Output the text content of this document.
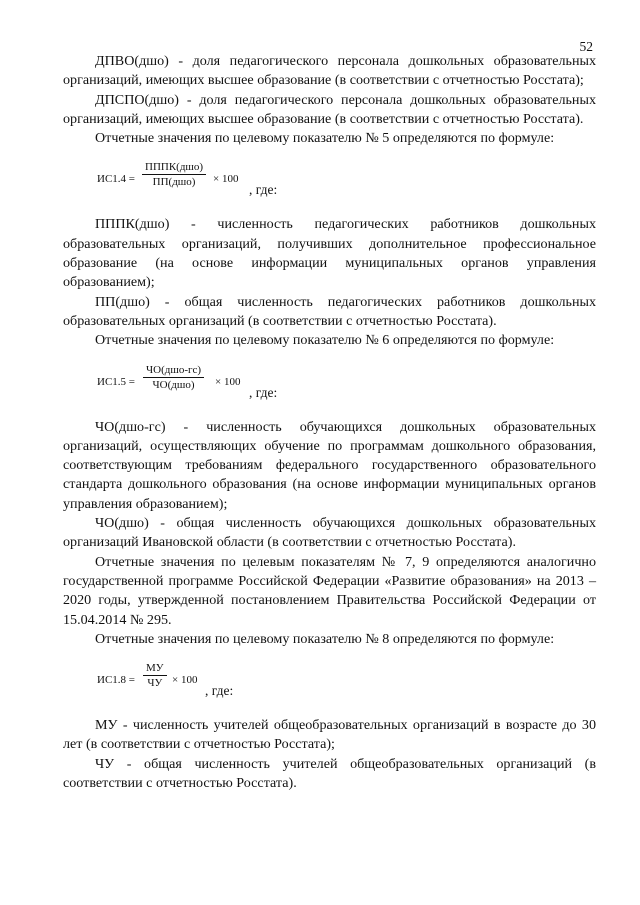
52

ДПВО(дшо) - доля педагогического персонала дошкольных образовательных организаций, имеющих высшее образование (в соответствии с отчетностью Росстата);

ДПСПО(дшо) - доля педагогического персонала дошкольных образовательных организаций, имеющих высшее образование (в соответствии с отчетностью Росстата).

Отчетные значения по целевому показателю № 5 определяются по формуле:

ИС1.4 =
ПППК(дшо)
ПП(дшо) × 100
, где:

ПППК(дшо) - численность педагогических работников дошкольных образовательных организаций, получивших дополнительное профессиональное образование (на основе информации муниципальных органов управления образованием);

ПП(дшо) - общая численность педагогических работников дошкольных образовательных организаций (в соответствии с отчетностью Росстата).

Отчетные значения по целевому показателю № 6 определяются по формуле:

ИС1.5 =
ЧО(дшо-гс)
ЧО(дшо) × 100
, где:

ЧО(дшо-гс) - численность обучающихся дошкольных образовательных организаций, осуществляющих обучение по программам дошкольного образования, соответствующим требованиям федерального государственного образовательного стандарта дошкольного образования (на основе информации муниципальных органов управления образованием);

ЧО(дшо) - общая численность обучающихся дошкольных образовательных организаций Ивановской области (в соответствии с отчетностью Росстата).

Отчетные значения по целевым показателям № 7, 9 определяются аналогично государственной программе Российской Федерации «Развитие образования» на 2013 – 2020 годы, утвержденной постановлением Правительства Российской Федерации от 15.04.2014 № 295.

Отчетные значения по целевому показателю № 8 определяются по формуле:

ИС1.8 =
МУ
ЧУ × 100
, где:

МУ - численность учителей общеобразовательных организаций в возрасте до 30 лет (в соответствии с отчетностью Росстата);

ЧУ - общая численность учителей общеобразовательных организаций (в соответствии с отчетностью Росстата).
